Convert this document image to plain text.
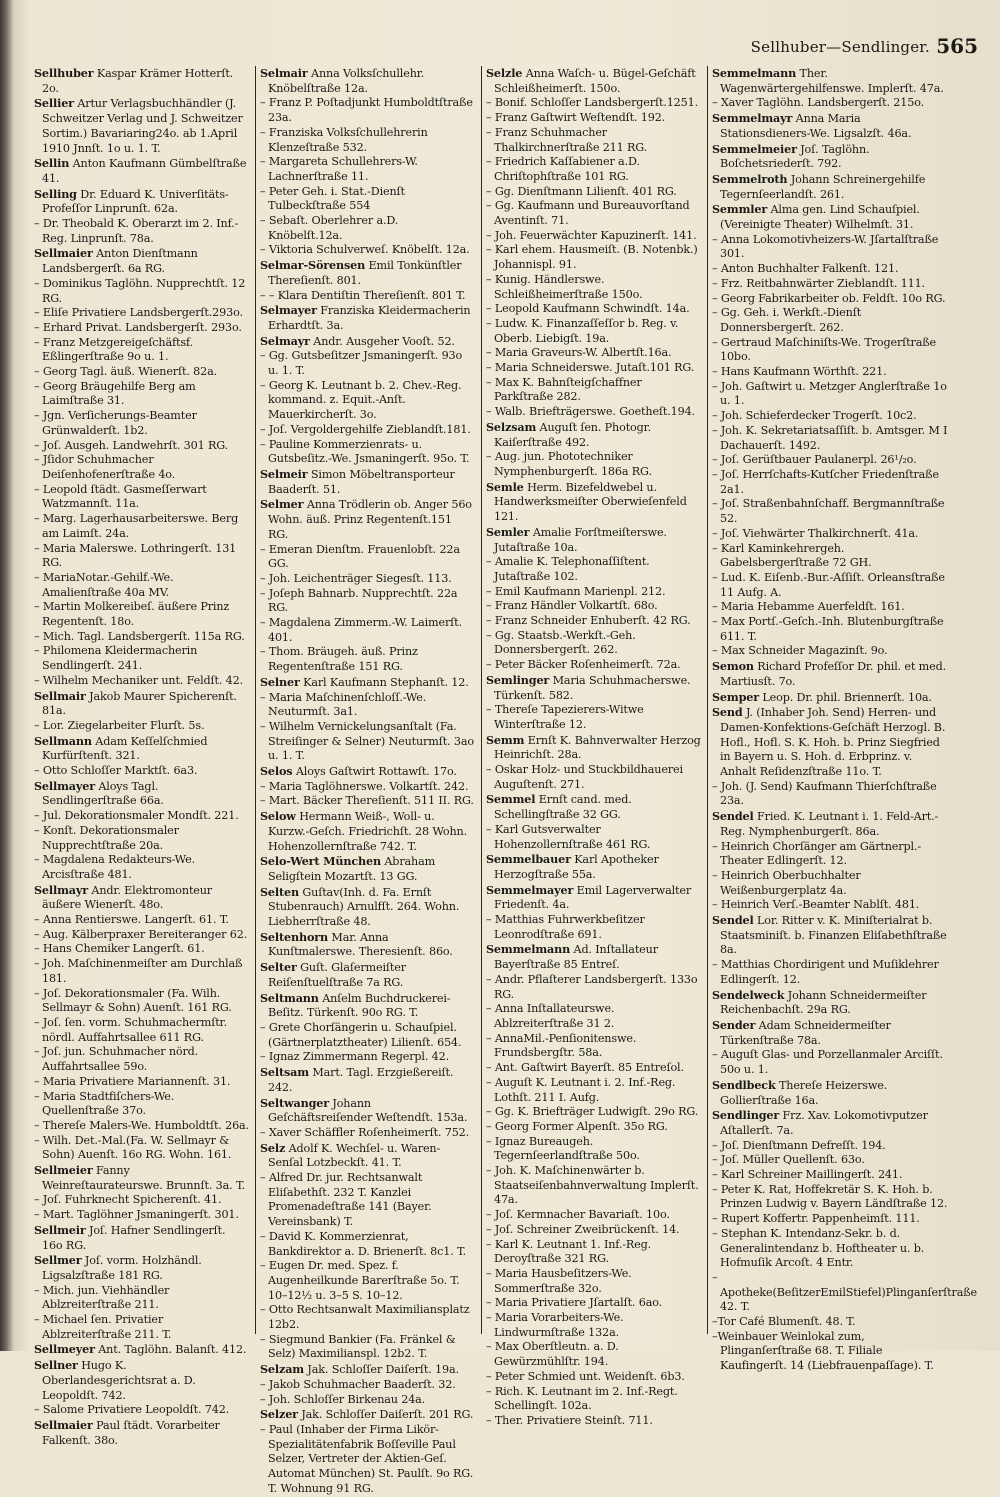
Sellhuber—Sendlinger. 565

Sellhuber Kaspar Krämer Hotterſt. 2o.

Sellier Artur Verlagsbuchhändler (J. Schweitzer Verlag und J. Schweitzer Sortim.) Bavariaring24o. ab 1.April 1910 Jnnſt. 1o u. 1. T.

Sellin Anton Kaufmann Gümbelſtraße 41.

Selling Dr. Eduard K. Univerſitäts-Profeſſor Linprunſt. 62a.

– Dr. Theobald K. Oberarzt im 2. Inf.-Reg. Linprunſt. 78a.

Sellmaier Anton Dienſtmann Landsbergerſt. 6a RG.

– Dominikus Taglöhn. Nupprechtſt. 12 RG.

– Eliſe Privatiere Landsbergerſt.293o.

– Erhard Privat. Landsbergerſt. 293o.

– Franz Metzgereigeſchäftsf. Eßlingerſtraße 9o u. 1.

– Georg Tagl. äuß. Wienerſt. 82a.

– Georg Bräugehilfe Berg am Laimſtraße 31.

– Jgn. Verſicherungs-Beamter Grünwalderſt. 1b2.

– Joſ. Ausgeh. Landwehrſt. 301 RG.

– Jſidor Schuhmacher Deiſenhofenerſtraße 4o.

– Leopold ſtädt. Gasmeſſerwart Watzmannſt. 11a.

– Marg. Lagerhausarbeiterswe. Berg am Laimſt. 24a.

– Maria Malerswe. Lothringerſt. 131 RG.

– MariaNotar.-Gehilf.-We. Amalienſtraße 40a MV.

– Martin Molkereibeſ. äußere Prinz Regentenſt. 18o.

– Mich. Tagl. Landsbergerſt. 115a RG.

– Philomena Kleidermacherin Sendlingerſt. 241.

– Wilhelm Mechaniker unt. Feldſt. 42.

Sellmair Jakob Maurer Spicherenſt. 81a.

– Lor. Ziegelarbeiter Flurſt. 5s.

Sellmann Adam Keſſelſchmied Kurfürſtenſt. 321.

– Otto Schloſſer Marktſt. 6a3.

Sellmayer Aloys Tagl. Sendlingerſtraße 66a.

– Jul. Dekorationsmaler Mondſt. 221.

– Konſt. Dekorationsmaler Nupprechtſtraße 20a.

– Magdalena Redakteurs-We. Arcisſtraße 481.

Sellmayr Andr. Elektromonteur äußere Wienerſt. 48o.

– Anna Rentierswe. Langerſt. 61. T.

– Aug. Kälberpraxer Bereiteranger 62.

– Hans Chemiker Langerſt. 61.

– Joh. Maſchinenmeiſter am Durchlaß 181.

– Joſ. Dekorationsmaler (Fa. Wilh. Sellmayr & Sohn) Auenſt. 161 RG.

– Joſ. ſen. vorm. Schuhmachermſtr. nördl. Auffahrtsallee 611 RG.

– Joſ. jun. Schuhmacher nörd. Auffahrtsallee 59o.

– Maria Privatiere Mariannenſt. 31.

– Maria Stadtfiſchers-We. Quellenſtraße 37o.

– Thereſe Malers-We. Humboldtſt. 26a.

– Wilh. Det.-Mal.(Fa. W. Sellmayr & Sohn) Auenſt. 16o RG. Wohn. 161.

Sellmeier Fanny Weinreſtaurateurswe. Brunnſt. 3a. T.

– Joſ. Fuhrknecht Spicherenſt. 41.

– Mart. Taglöhner Jsmaningerſt. 301.

Sellmeir Joſ. Hafner Sendlingerſt. 16o RG.

Sellmer Joſ. vorm. Holzhändl. Ligsalzſtraße 181 RG.

– Mich. jun. Viehhändler Ablzreiterſtraße 211.

– Michael ſen. Privatier Ablzreiterſtraße 211. T.

Sellmeyer Ant. Taglöhn. Balanſt. 412.

Sellner Hugo K. Oberlandesgerichtsrat a. D. Leopoldſt. 742.

– Salome Privatiere Leopoldſt. 742.

Sellmaier Paul ſtädt. Vorarbeiter Falkenſt. 38o.

Selmair Anna Volksſchullehr. Knöbelſtraße 12a.

– Franz P. Poſtadjunkt Humboldtſtraße 23a.

– Franziska Volksſchullehrerin Klenzeſtraße 532.

– Margareta Schullehrers-W. Lachnerſtraße 11.

– Peter Geh. i. Stat.-Dienſt Tulbeckſtraße 554

– Sebaſt. Oberlehrer a.D. Knöbelſt.12a.

– Viktoria Schulverweſ. Knöbelſt. 12a.

Selmar-Sörensen Emil Tonkünſtler Thereſienſt. 801.

– – Klara Dentiſtin Thereſienſt. 801 T.

Selmayer Franziska Kleidermacherin Erhardtſt. 3a.

Selmayr Andr. Ausgeher Vooſt. 52.

– Gg. Gutsbeſitzer Jsmaningerſt. 93o u. 1. T.

– Georg K. Leutnant b. 2. Chev.-Reg. kommand. z. Equit.-Anſt. Mauerkircherſt. 3o.

– Joſ. Vergoldergehilfe Zieblandſt.181.

– Pauline Kommerzienrats- u. Gutsbeſitz.-We. Jsmaningerſt. 95o. T.

Selmeir Simon Möbeltransporteur Baaderſt. 51.

Selmer Anna Trödlerin ob. Anger 56o Wohn. äuß. Prinz Regentenſt.151 RG.

– Emeran Dienſtm. Frauenlobſt. 22a GG.

– Joh. Leichenträger Siegesſt. 113.

– Joſeph Bahnarb. Nupprechtſt. 22a RG.

– Magdalena Zimmerm.-W. Laimerſt. 401.

– Thom. Bräugeh. äuß. Prinz Regentenſtraße 151 RG.

Selner Karl Kaufmann Stephanſt. 12.

– Maria Maſchinenſchloſſ.-We. Neuturmſt. 3a1.

– Wilhelm Vernickelungsanſtalt (Fa. Streiſinger & Selner) Neuturmſt. 3ao u. 1. T.

Selos Aloys Gaſtwirt Rottawſt. 17o.

– Maria Taglöhnerswe. Volkartſt. 242.

– Mart. Bäcker Thereſienſt. 511 II. RG.

Selow Hermann Weiß-, Woll- u. Kurzw.-Geſch. Friedrichſt. 28 Wohn. Hohenzollernſtraße 742. T.

Selo-Wert München Abraham Seligſtein Mozartſt. 13 GG.

Selten Guſtav(Inh. d. Fa. Ernſt Stubenrauch) Arnulfſt. 264. Wohn. Liebherrſtraße 48.

Seltenhorn Mar. Anna Kunſtmalerswe. Theresienſt. 86o.

Selter Guſt. Glaſermeiſter Reiſenſtuelſtraße 7a RG.

Seltmann Anſelm Buchdruckerei-Beſitz. Türkenſt. 90o RG. T.

– Grete Chorſängerin u. Schauſpiel. (Gärtnerplatztheater) Lilienſt. 654.

– Ignaz Zimmermann Regerpl. 42.

Seltsam Mart. Tagl. Erzgießereiſt. 242.

Seltwanger Johann Geſchäftsreiſender Weſtendſt. 153a.

– Xaver Schäffler Roſenheimerſt. 752.

Selz Adolf K. Wechſel- u. Waren-Senſal Lotzbeckſt. 41. T.

– Alfred Dr. jur. Rechtsanwalt Eliſabethſt. 232 T. Kanzlei Promenadeſtraße 141 (Bayer. Vereinsbank) T.

– David K. Kommerzienrat, Bankdirektor a. D. Brienerſt. 8c1. T.

– Eugen Dr. med. Spez. f. Augenheilkunde Barerſtraße 5o. T. 10–12½ u. 3–5 S. 10–12.

– Otto Rechtsanwalt Maximiliansplatz 12b2.

– Siegmund Bankier (Fa. Fränkel & Selz) Maximilianspl. 12b2. T.

Selzam Jak. Schloſſer Daiſerſt. 19a.

– Jakob Schuhmacher Baaderſt. 32.

– Joh. Schloſſer Birkenau 24a.

Selzer Jak. Schloſſer Daiſerſt. 201 RG.

– Paul (Inhaber der Firma Likör-Spezialitätenfabrik Boſſeville Paul Selzer, Vertreter der Aktien-Geſ. Automat München) St. Paulſt. 9o RG. T. Wohnung 91 RG.

Selzle Anna Waſch- u. Bügel-Geſchäft Schleißheimerſt. 150o.

– Bonif. Schloſſer Landsbergerſt.1251.

– Franz Gaſtwirt Weſtendſt. 192.

– Franz Schuhmacher Thalkirchnerſtraße 211 RG.

– Friedrich Kaſſabiener a.D. Chriſtophſtraße 101 RG.

– Gg. Dienſtmann Lilienſt. 401 RG.

– Gg. Kaufmann und Bureauvorſtand Aventinſt. 71.

– Joh. Feuerwächter Kapuzinerſt. 141.

– Karl ehem. Hausmeiſt. (B. Notenbk.) Johannispl. 91.

– Kunig. Händlerswe. Schleißheimerſtraße 150o.

– Leopold Kaufmann Schwindſt. 14a.

– Ludw. K. Finanzaſſeſſor b. Reg. v. Oberb. Liebigſt. 19a.

– Maria Graveurs-W. Albertſt.16a.

– Maria Schneiderswe. Jutaſt.101 RG.

– Max K. Bahnſteigſchaffner Parkſtraße 282.

– Walb. Briefträgerswe. Goetheſt.194.

Selzsam Auguſt ſen. Photogr. Kaiſerſtraße 492.

– Aug. jun. Phototechniker Nymphenburgerſt. 186a RG.

Semle Herm. Bizefeldwebel u. Handwerksmeiſter Oberwieſenfeld 121.

Semler Amalie Forſtmeiſterswe. Jutaſtraße 10a.

– Amalie K. Telephonaſſiſtent. Jutaſtraße 102.

– Emil Kaufmann Marienpl. 212.

– Franz Händler Volkartſt. 68o.

– Franz Schneider Enhuberſt. 42 RG.

– Gg. Staatsb.-Werkſt.-Geh. Donnersbergerſt. 262.

– Peter Bäcker Roſenheimerſt. 72a.

Semlinger Maria Schuhmacherswe. Türkenſt. 582.

– Thereſe Tapezierers-Witwe Winterſtraße 12.

Semm Ernſt K. Bahnverwalter Herzog Heinrichſt. 28a.

– Oskar Holz- und Stuckbildhauerei Auguſtenſt. 271.

Semmel Ernſt cand. med. Schellingſtraße 32 GG.

– Karl Gutsverwalter Hohenzollernſtraße 461 RG.

Semmelbauer Karl Apotheker Herzogſtraße 55a.

Semmelmayer Emil Lagerverwalter Friedenſt. 4a.

– Matthias Fuhrwerkbeſitzer Leonrodſtraße 691.

Semmelmann Ad. Inſtallateur Bayerſtraße 85 Entreſ.

– Andr. Pflaſterer Landsbergerſt. 133o RG.

– Anna Inſtallateurswe. Ablzreiterſtraße 31 2.

– AnnaMil.-Penſionitenswe. Frundsbergſtr. 58a.

– Ant. Gaſtwirt Bayerſt. 85 Entreſol.

– Auguſt K. Leutnant i. 2. Inf.-Reg. Lothſt. 211 I. Aufg.

– Gg. K. Briefträger Ludwigſt. 29o RG.

– Georg Former Alpenſt. 35o RG.

– Ignaz Bureaugeh. Tegernſeerlandſtraße 50o.

– Joh. K. Maſchinenwärter b. Staatseiſenbahnverwaltung Implerſt. 47a.

– Joſ. Kermnacher Bavariaſt. 10o.

– Joſ. Schreiner Zweibrückenſt. 14.

– Karl K. Leutnant 1. Inf.-Reg. Deroyſtraße 321 RG.

– Maria Hausbeſitzers-We. Sommerſtraße 32o.

– Maria Privatiere Jſartalſt. 6ao.

– Maria Vorarbeiters-We. Lindwurmſtraße 132a.

– Max Oberſtleutn. a. D. Gewürzmühlſtr. 194.

– Peter Schmied unt. Weidenſt. 6b3.

– Rich. K. Leutnant im 2. Inf.-Regt. Schellingſt. 102a.

– Ther. Privatiere Steinſt. 711.

Semmelmann Ther. Wagenwärtergehilfenswe. Implerſt. 47a.

– Xaver Taglöhn. Landsbergerſt. 215o.

Semmelmayr Anna Maria Stationsdieners-We. Ligsalzſt. 46a.

Semmelmeier Joſ. Taglöhn. Boſchetsriederſt. 792.

Semmelroth Johann Schreinergehilfe Tegernſeerlandſt. 261.

Semmler Alma gen. Lind Schauſpiel. (Vereinigte Theater) Wilhelmſt. 31.

– Anna Lokomotivheizers-W. Jſartalſtraße 301.

– Anton Buchhalter Falkenſt. 121.

– Frz. Reitbahnwärter Zieblandſt. 111.

– Georg Fabrikarbeiter ob. Feldſt. 10o RG.

– Gg. Geh. i. Werkſt.-Dienſt Donnersbergerſt. 262.

– Gertraud Maſchiniſts-We. Trogerſtraße 10bo.

– Hans Kaufmann Wörthſt. 221.

– Joh. Gaſtwirt u. Metzger Anglerſtraße 1o u. 1.

– Joh. Schieferdecker Trogerſt. 10c2.

– Joh. K. Sekretariatsaſſiſt. b. Amtsger. M I Dachauerſt. 1492.

– Joſ. Gerüſtbauer Paulanerpl. 26¹/₂o.

– Joſ. Herrſchafts-Kutſcher Friedenſtraße 2a1.

– Joſ. Straßenbahnſchaff. Bergmannſtraße 52.

– Joſ. Viehwärter Thalkirchnerſt. 41a.

– Karl Kaminkehrergeh. Gabelsbergerſtraße 72 GH.

– Lud. K. Eiſenb.-Bur.-Aſſiſt. Orleansſtraße 11 Aufg. A.

– Maria Hebamme Auerfeldſt. 161.

– Max Portſ.-Geſch.-Inh. Blutenburgſtraße 611. T.

– Max Schneider Magazinſt. 9o.

Semon Richard Profeſſor Dr. phil. et med. Martiusſt. 7o.

Semper Leop. Dr. phil. Briennerſt. 10a.

Send J. (Inhaber Joh. Send) Herren- und Damen-Konfektions-Geſchäft Herzogl. B. Hofl., Hofl. S. K. Hoh. b. Prinz Siegfried in Bayern u. S. Hoh. d. Erbprinz. v. Anhalt Reſidenzſtraße 11o. T.

– Joh. (J. Send) Kaufmann Thierſchſtraße 23a.

Sendel Fried. K. Leutnant i. 1. Feld-Art.-Reg. Nymphenburgerſt. 86a.

– Heinrich Chorſänger am Gärtnerpl.-Theater Edlingerſt. 12.

– Heinrich Oberbuchhalter Weißenburgerplatz 4a.

– Heinrich Verſ.-Beamter Nablſt. 481.

Sendel Lor. Ritter v. K. Miniſterialrat b. Staatsminiſt. b. Finanzen Eliſabethſtraße 8a.

– Matthias Chordirigent und Muſiklehrer Edlingerſt. 12.

Sendelweck Johann Schneidermeiſter Reichenbachſt. 29a RG.

Sender Adam Schneidermeiſter Türkenſtraße 78a.

– Auguſt Glas- und Porzellanmaler Arciſſt. 50o u. 1.

Sendlbeck Thereſe Heizerswe. Gollierſtraße 16a.

Sendlinger Frz. Xav. Lokomotivputzer Aſtallerſt. 7a.

– Joſ. Dienſtmann Defreſſt. 194.

– Joſ. Müller Quellenſt. 63o.

– Karl Schreiner Maillingerſt. 241.

– Peter K. Rat, Hoffekretär S. K. Hoh. b. Prinzen Ludwig v. Bayern Ländſtraße 12.

– Rupert Koffertr. Pappenheimſt. 111.

– Stephan K. Intendanz-Sekr. b. d. Generalintendanz b. Hoftheater u. b. Hofmuſik Arcoſt. 4 Entr.

–Apotheke(BeſitzerEmilStiefel)Plinganſerſtraße 42. T.

–Tor Café Blumenſt. 48. T.

–Weinbauer Weinlokal zum, Plinganſerſtraße 68. T. Filiale Kaufingerſt. 14 (Liebfrauenpaſſage). T.
